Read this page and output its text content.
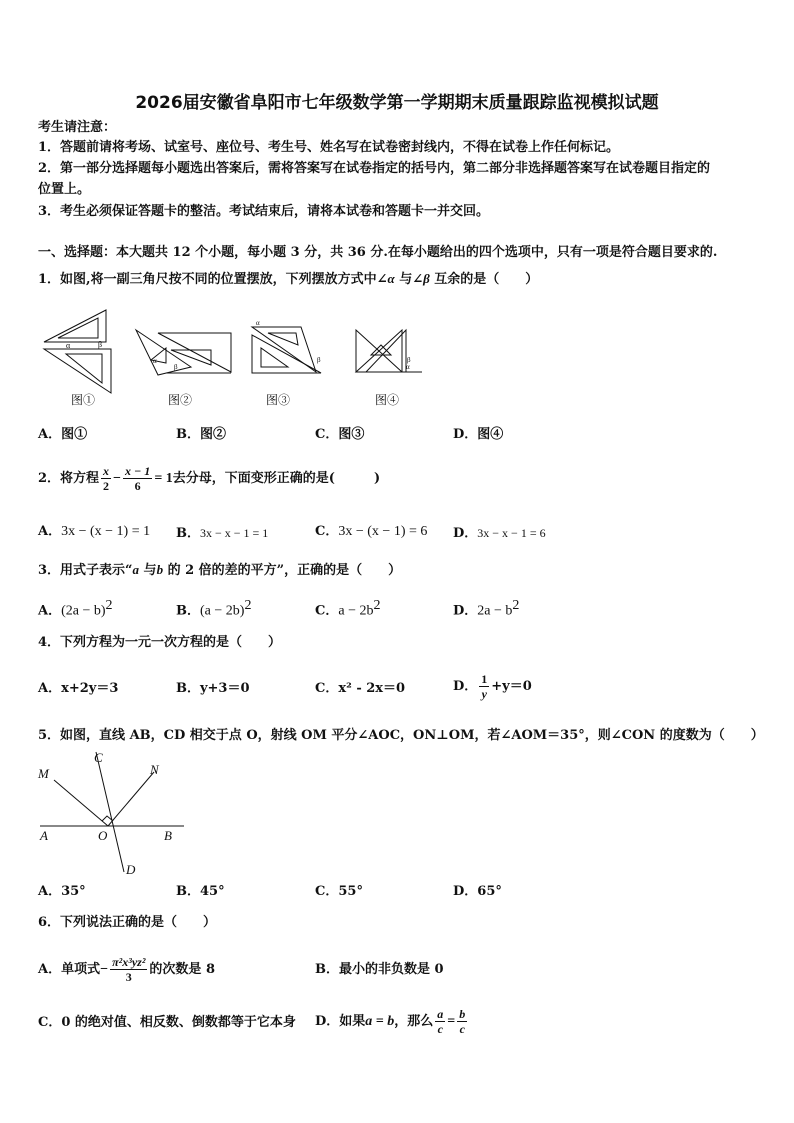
2026届安徽省阜阳市七年级数学第一学期期末质量跟踪监视模拟试题
考生请注意：
1．答题前请将考场、试室号、座位号、考生号、姓名写在试卷密封线内，不得在试卷上作任何标记。
2．第一部分选择题每小题选出答案后，需将答案写在试卷指定的括号内，第二部分非选择题答案写在试卷题目指定的
位置上。
3．考生必须保证答题卡的整洁。考试结束后，请将本试卷和答题卡一并交回。
一、选择题：本大题共 12 个小题，每小题 3 分，共 36 分.在每小题给出的四个选项中，只有一项是符合题目要求的.
1．如图,将一副三角尺按不同的位置摆放，下列摆放方式中∠α 与∠β 互余的是（　　）
α	β
α
β
α
β	β
α
图①	图②	图③	图④
A．图①	B．图②	C．图③	D．图④
2．将方程 $\frac{x}{2} - \frac{x - 1}{6} = 1$去分母，下面变形正确的是(　　　)
A．3x − (x − 1) = 1 B．3x − x − 1 = 1	C．3x − (x − 1) = 6 D．3x − x − 1 = 6
3．用式子表示“a 与b 的 2 倍的差的平方”，正确的是（　　）
A．$(2a - b)^2$	B．$(a - 2b)^2$	C．$a - 2b^2$	D．$2a - b^2$
4．下列方程为一元一次方程的是（　　）
A．x+2y＝3	B．y+3＝0	C．x² - 2x＝0	D． $\frac{1}{y} +y=0$
5．如图，直线 AB，CD 相交于点 O，射线 OM 平分∠AOC，ON⊥OM，若∠AOM＝35°，则∠CON 的度数为（　　）
M
C
N
A	O	B
D
A．35°	B．45°	C．55°	D．65°
6．下列说法正确的是（　　）
A．单项式− $\frac{\text{π²x³yz²}}{3}$ 的次数是 8	B．最小的非负数是 0
C．0 的绝对值、相反数、倒数都等于它本身 D．如果a = b，那么 $\frac{a}{c} = \frac{b}{c}$
